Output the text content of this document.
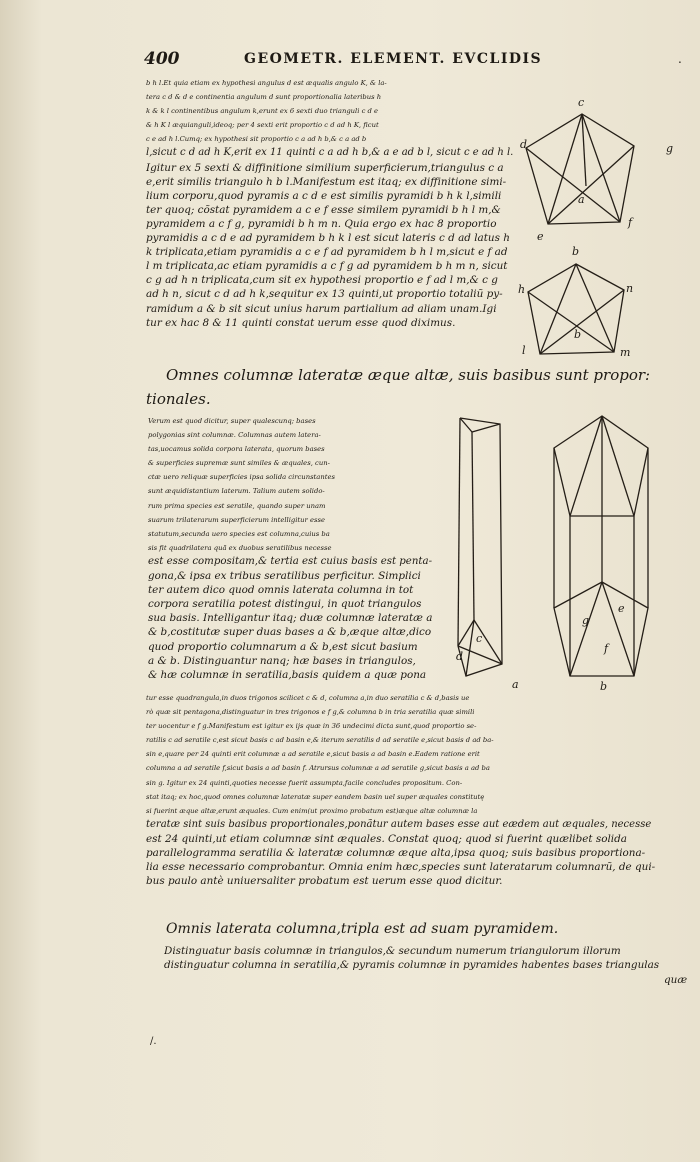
400	GEOMETR. ELEMENT. EVCLIDIS	.
b h l.Et quia etiam ex hypothesi angulus d est æqualis angulo K, & la-
tera c d & d e continentia angulum d sunt proportionalia lateribus h
k & k l continentibus angulum k,erunt ex 6 sexti duo trianguli c d e
& h K l æquianguli,ideoq; per 4 sexti erit proportio c d ad h K, ficut
c e ad h l.Cumq; ex hypothesi sit proportio c a ad h b,& c a ad b
l,sicut c d ad h K,erit ex 11 quinti c a ad h b,& a e ad b l, sicut c e ad h l.
Igitur ex 5 sexti & diffinitione similium superficierum,triangulus c a
e,erit similis triangulo h b l.Manifestum est itaq; ex diffinitione simi-
lium corporu,quod pyramis a c d e est similis pyramidi b h k l,simili
ter quoq; cõstat pyramidem a c e f esse similem pyramidi b h l m,&
pyramidem a c f g, pyramidi b h m n. Quia ergo ex hac 8 proportio
pyramidis a c d e ad pyramidem b h k l est sicut lateris c d ad latus h
k triplicata,etiam pyramidis a c e f ad pyramidem b h l m,sicut e f ad
l m triplicata,ac etiam pyramidis a c f g ad pyramidem b h m n, sicut
c g ad h n triplicata,cum sit ex hypothesi proportio e f ad l m,& c g
ad h n, sicut c d ad h k,sequitur ex 13 quinti,ut proportio totaliũ py-
ramidum a & b sit sicut unius harum partialium ad aliam unam.Igi
tur ex hac 8 & 11 quinti constat uerum esse quod diximus.
c
d	g
e
f
a
b
h	n
l	m
b
Omnes columnæ lateratæ æque altæ, suis basibus sunt propor:
tionales.
Verum est quod dicitur, super qualescunq; bases
polygonias sint columnæ. Columnas autem latera-
tas,uocamus solida corpora laterata, quorum bases
& superficies supremæ sunt similes & æquales, cun-
ctæ uero reliquæ superficies ipsa solida circunstantes
sunt æquidistantium laterum. Talium autem solido-
rum prima species est seratile, quando super unam
suarum trilaterarum superficierum intelligitur esse
statutum,secunda uero species est columna,cuius ba
sis fit quadrilatera quã ex duobus seratilibus necesse
est esse compositam,& tertia est cuius basis est penta-
gona,& ipsa ex tribus seratilibus perficitur. Simplici
ter autem dico quod omnis laterata columna in tot
corpora seratilia potest distingui, in quot triangulos
sua basis. Intelligantur itaq; duæ columnæ lateratæ a
& b,costitutæ super duas bases a & b,æque altæ,dico
quod proportio columnarum a & b,est sicut basium
a & b. Distinguantur nanq; hæ bases in triangulos,
& hæ columnæ in seratilia,basis quidem a quæ pona
c
d
a	b
g
e
f
tur esse quadrangula,in duos trigonos scilicet c & d, columna a,in duo seratilia c & d,basis ue
rò quæ sit pentagona,distinguatur in tres trigonos e f g,& columna b in tria seratilia quæ simili
ter uocentur e f g.Manifestum est igitur ex ijs quæ in 36 undecimi dicta sunt,quod proportio se-
ratilis c ad seratile c,est sicut basis c ad basin e,& iterum seratilis d ad seratile e,sicut basis d ad ba-
sin e,quare per 24 quinti erit columnæ a ad seratile e,sicut basis a ad basin e.Eadem ratione erit
columna a ad seratile f,sicut basis a ad basin f. Atrursus columnæ a ad seratile g,sicut basis a ad ba
sin g. Igitur ex 24 quinti,quoties necesse fuerit assumpta,facile concludes propositum. Con-
stat itaq; ex hoc,quod omnes columnæ lateratæ super eandem basin uel super æquales constitutę
si fuerint æque altæ,erunt æquales. Cum enim(ut proximo probatum est)æque altæ columnæ la
teratæ sint suis basibus proportionales,ponãtur autem bases esse aut eædem aut æquales, necesse
est 24 quinti,ut etiam columnæ sint æquales. Constat quoq; quod si fuerint quælibet solida
parallelogramma seratilia & lateratæ columnæ æque alta,ipsa quoq; suis basibus proportiona-
lia esse necessario comprobantur. Omnia enim hæc,species sunt lateratarum columnarũ, de qui-
bus paulo antè uniuersaliter probatum est uerum esse quod dicitur.
Omnis laterata columna,tripla est ad suam pyramidem.
Distinguatur basis columnæ in triangulos,& secundum numerum triangulorum illorum
distinguatur columna in seratilia,& pyramis columnæ in pyramides habentes bases triangulas
quæ
/.
